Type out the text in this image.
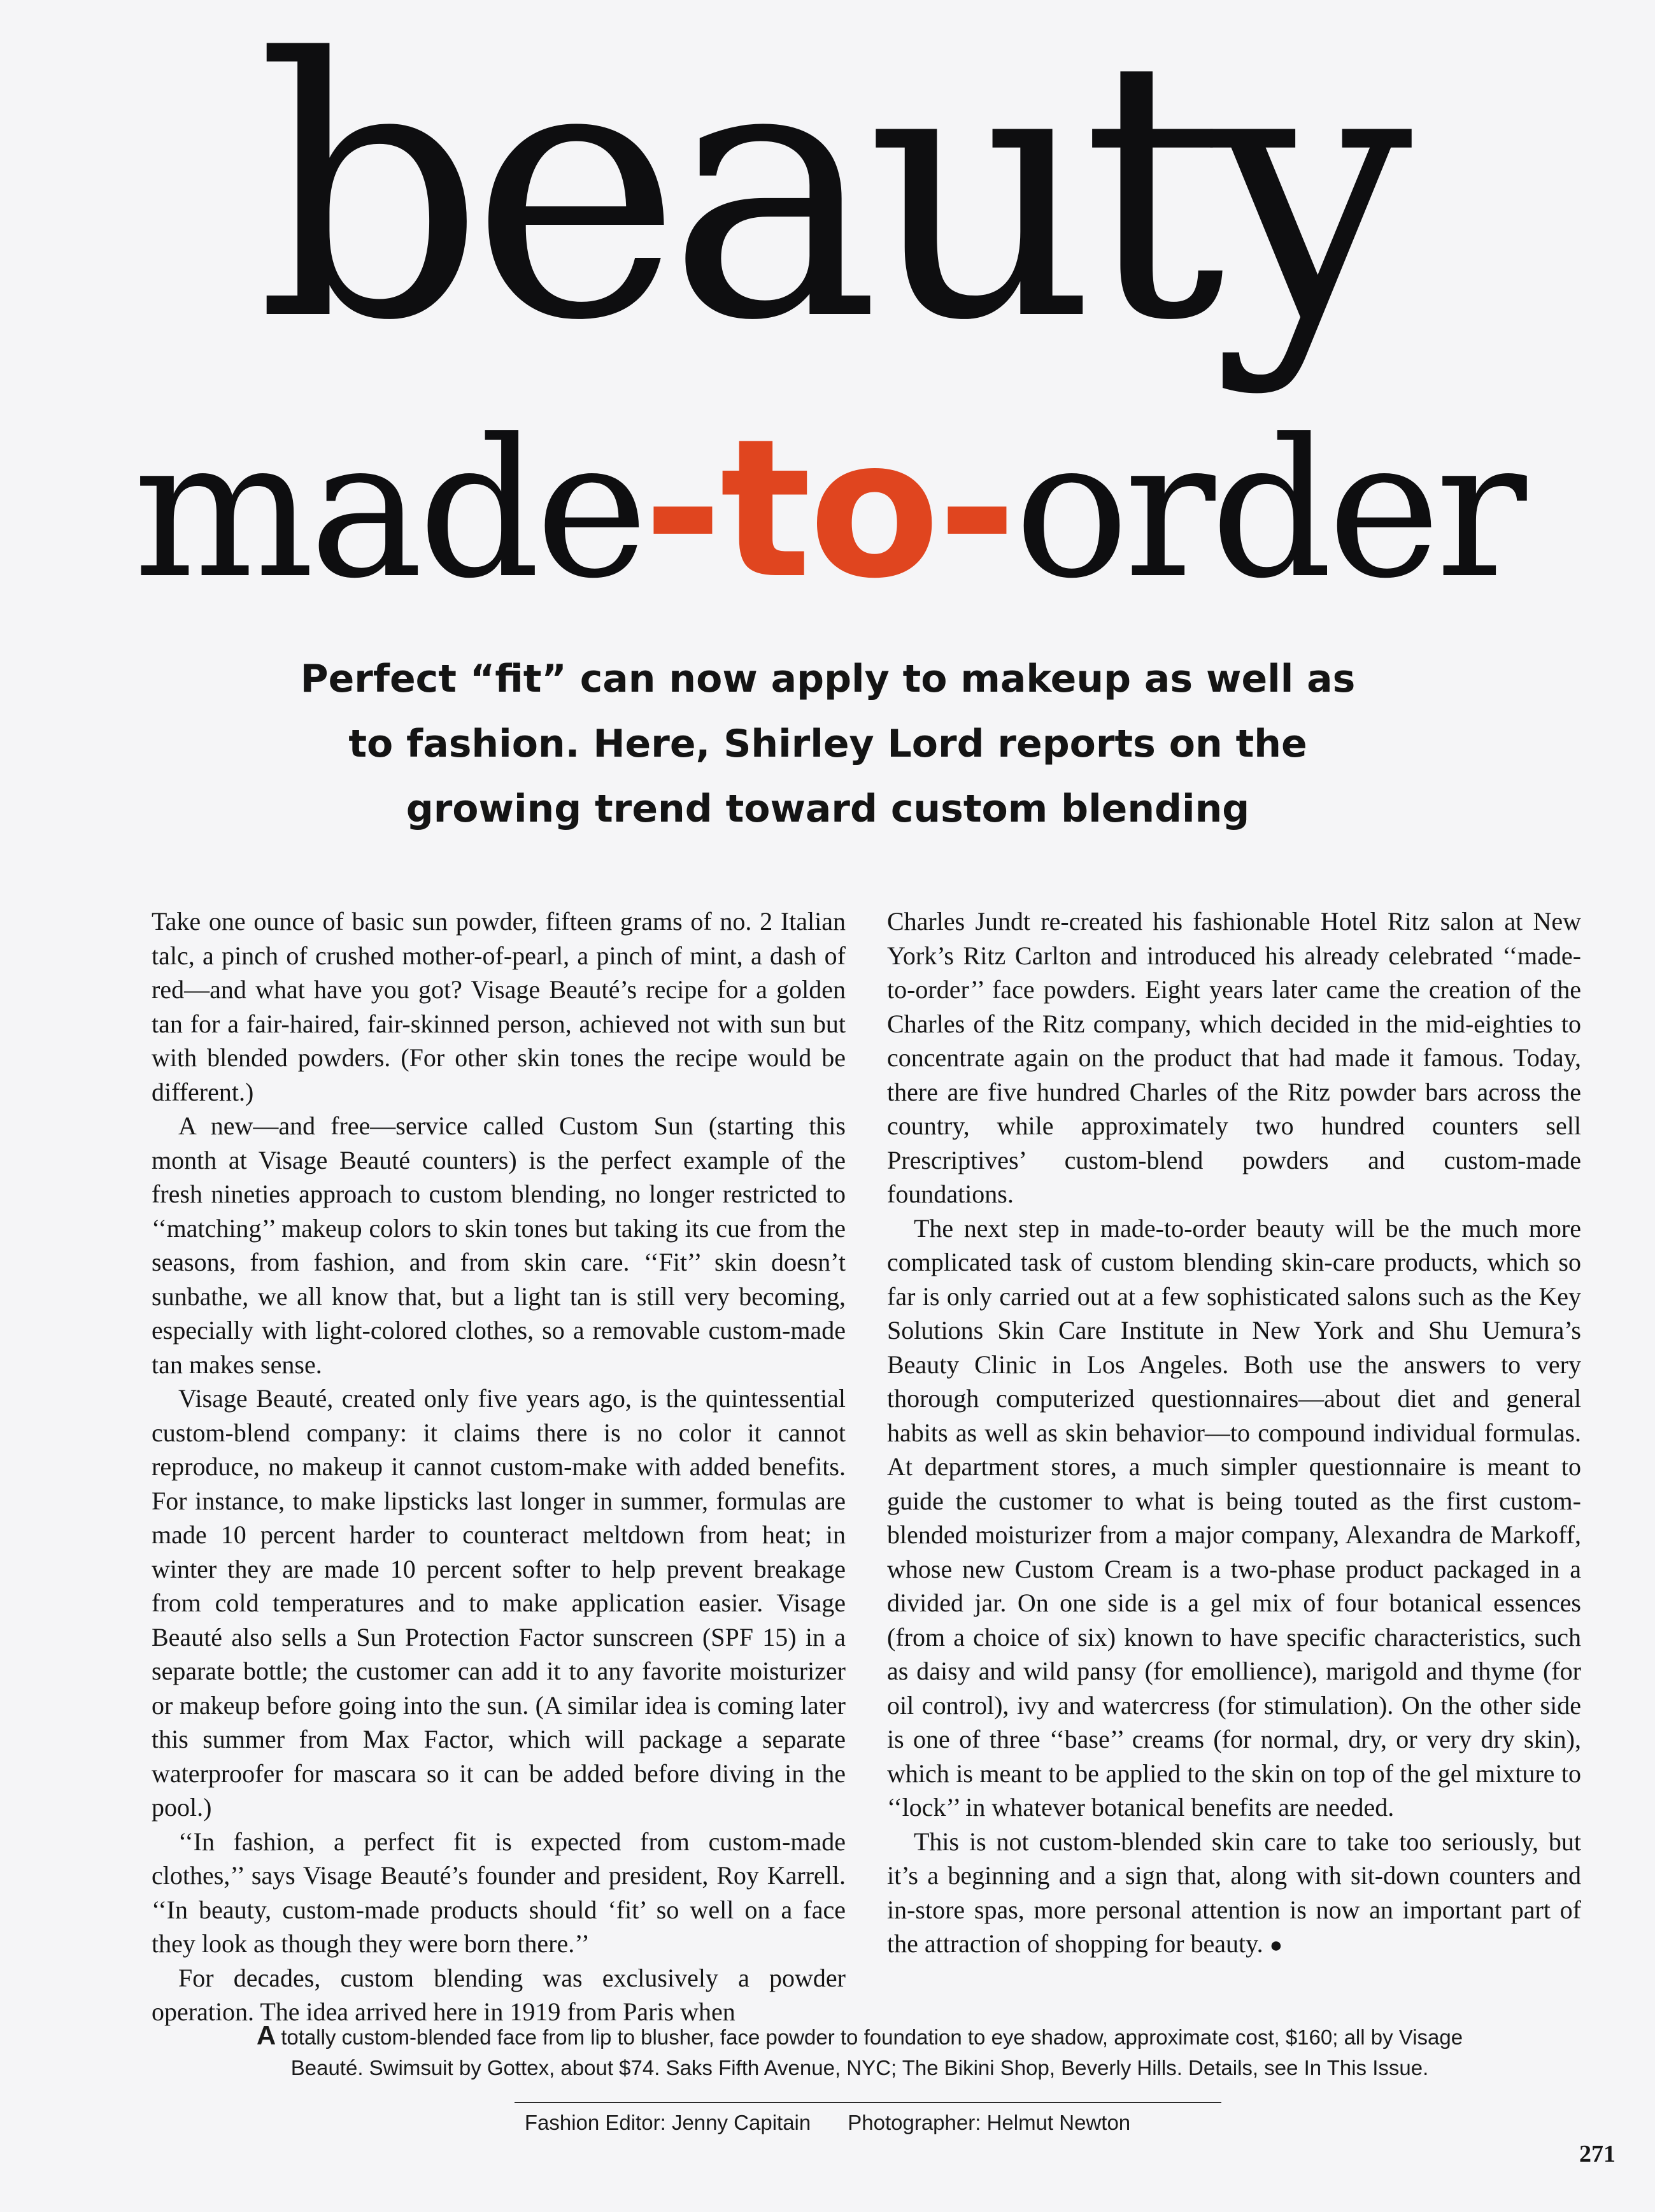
beauty
made-to-order
Perfect “fit” can now apply to makeup as well as
to fashion. Here, Shirley Lord reports on the
growing trend toward custom blending

Take one ounce of basic sun powder, fifteen grams of no. 2 Italian talc, a pinch of crushed mother-of-pearl, a pinch of mint, a dash of red—and what have you got? Visage Beauté’s recipe for a golden tan for a fair-haired, fair-skinned person, achieved not with sun but with blended powders. (For other skin tones the recipe would be different.)

A new—and free—service called Custom Sun (starting this month at Visage Beauté counters) is the perfect example of the fresh nineties approach to custom blending, no longer restricted to ‘‘matching’’ makeup colors to skin tones but taking its cue from the seasons, from fashion, and from skin care. ‘‘Fit’’ skin doesn’t sunbathe, we all know that, but a light tan is still very becoming, especially with light-colored clothes, so a removable custom-made tan makes sense.

Visage Beauté, created only five years ago, is the quintessential custom-blend company: it claims there is no color it cannot reproduce, no makeup it cannot custom-make with added benefits. For instance, to make lipsticks last longer in summer, formulas are made 10 percent harder to counteract meltdown from heat; in winter they are made 10 percent softer to help prevent breakage from cold temperatures and to make application easier. Visage Beauté also sells a Sun Protection Factor sunscreen (SPF 15) in a separate bottle; the customer can add it to any favorite moisturizer or makeup before going into the sun. (A similar idea is coming later this summer from Max Factor, which will package a separate waterproofer for mascara so it can be added before diving in the pool.)

‘‘In fashion, a perfect fit is expected from custom-made clothes,’’ says Visage Beauté’s founder and president, Roy Karrell. ‘‘In beauty, custom-made products should ‘fit’ so well on a face they look as though they were born there.’’

For decades, custom blending was exclusively a powder operation. The idea arrived here in 1919 from Paris when

Charles Jundt re-created his fashionable Hotel Ritz salon at New York’s Ritz Carlton and introduced his already celebrated ‘‘made-to-order’’ face powders. Eight years later came the creation of the Charles of the Ritz company, which decided in the mid-eighties to concentrate again on the product that had made it famous. Today, there are five hundred Charles of the Ritz powder bars across the country, while approximately two hundred counters sell Prescriptives’ custom-blend powders and custom-made foundations.

The next step in made-to-order beauty will be the much more complicated task of custom blending skin-care products, which so far is only carried out at a few sophisticated salons such as the Key Solutions Skin Care Institute in New York and Shu Uemura’s Beauty Clinic in Los Angeles. Both use the answers to very thorough computerized questionnaires—about diet and general habits as well as skin behavior—to compound individual formulas. At department stores, a much simpler questionnaire is meant to guide the customer to what is being touted as the first custom-blended moisturizer from a major company, Alexandra de Markoff, whose new Custom Cream is a two-phase product packaged in a divided jar. On one side is a gel mix of four botanical essences (from a choice of six) known to have specific characteristics, such as daisy and wild pansy (for emollience), marigold and thyme (for oil control), ivy and watercress (for stimulation). On the other side is one of three ‘‘base’’ creams (for normal, dry, or very dry skin), which is meant to be applied to the skin on top of the gel mixture to ‘‘lock’’ in whatever botanical benefits are needed.

This is not custom-blended skin care to take too seriously, but it’s a beginning and a sign that, along with sit-down counters and in-store spas, more personal attention is now an important part of the attraction of shopping for beauty. ●

A totally custom-blended face from lip to blusher, face powder to foundation to eye shadow, approximate cost, $160; all by Visage
Beauté. Swimsuit by Gottex, about $74. Saks Fifth Avenue, NYC; The Bikini Shop, Beverly Hills. Details, see In This Issue.
Fashion Editor: Jenny Capitain Photographer: Helmut Newton
271
